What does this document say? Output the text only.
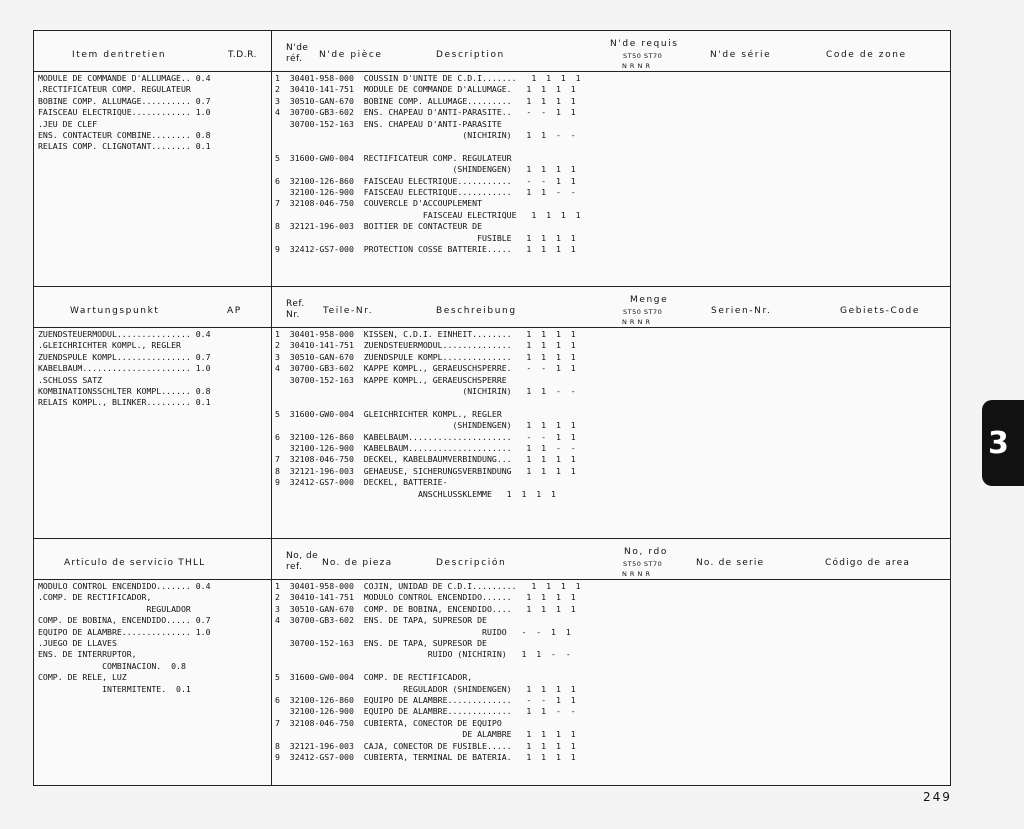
Item dentretien	T.D.R.
N'de
réf.	N'de pièce	Description
N'de requis
ST50 ST70
N R N R
N'de série	Code de zone
MODULE DE COMMANDE D'ALLUMAGE.. 0.4
.RECTIFICATEUR COMP. REGULATEUR
BOBINE COMP. ALLUMAGE.......... 0.7
FAISCEAU ELECTRIQUE............ 1.0
.JEU DE CLEF
ENS. CONTACTEUR COMBINE........ 0.8
RELAIS COMP. CLIGNOTANT........ 0.1
1  30401-958-000  COUSSIN D'UNITE DE C.D.I.......   1  1  1  1
2  30410-141-751  MODULE DE COMMANDE D'ALLUMAGE.   1  1  1  1
3  30510-GAN-670  BOBINE COMP. ALLUMAGE.........   1  1  1  1
4  30700-GB3-602  ENS. CHAPEAU D'ANTI-PARASITE..   -  -  1  1
30700-152-163  ENS. CHAPEAU D'ANTI-PARASITE
(NICHIRIN)   1  1  -  -

5  31600-GW0-004  RECTIFICATEUR COMP. REGULATEUR
(SHINDENGEN)   1  1  1  1
6  32100-126-860  FAISCEAU ELECTRIQUE...........   -  -  1  1
32100-126-900  FAISCEAU ELECTRIQUE...........   1  1  -  -
7  32108-046-750  COUVERCLE D'ACCOUPLEMENT
FAISCEAU ELECTRIQUE   1  1  1  1
8  32121-196-003  BOITIER DE CONTACTEUR DE
FUSIBLE   1  1  1  1
9  32412-GS7-000  PROTECTION COSSE BATTERIE.....   1  1  1  1
Wartungspunkt	AP
Ref.
Nr.	Teile-Nr.	Beschreibung
Menge
ST50 ST70
N R N R
Serien-Nr.	Gebiets-Code
ZUENDSTEUERMODUL............... 0.4
.GLEICHRICHTER KOMPL., REGLER
ZUENDSPULE KOMPL............... 0.7
KABELBAUM...................... 1.0
.SCHLOSS SATZ
KOMBINATIONSSCHLTER KOMPL...... 0.8
RELAIS KOMPL., BLINKER......... 0.1
1  30401-958-000  KISSEN, C.D.I. EINHEIT........   1  1  1  1
2  30410-141-751  ZUENDSTEUERMODUL..............   1  1  1  1
3  30510-GAN-670  ZUENDSPULE KOMPL..............   1  1  1  1
4  30700-GB3-602  KAPPE KOMPL., GERAEUSCHSPERRE.   -  -  1  1
30700-152-163  KAPPE KOMPL., GERAEUSCHSPERRE
(NICHIRIN)   1  1  -  -

5  31600-GW0-004  GLEICHRICHTER KOMPL., REGLER
(SHINDENGEN)   1  1  1  1
6  32100-126-860  KABELBAUM.....................   -  -  1  1
32100-126-900  KABELBAUM.....................   1  1  -  -
7  32108-046-750  DECKEL, KABELBAUMVERBINDUNG...   1  1  1  1
8  32121-196-003  GEHAEUSE, SICHERUNGSVERBINDUNG   1  1  1  1
9  32412-GS7-000  DECKEL, BATTERIE-
ANSCHLUSSKLEMME   1  1  1  1
Articulo de servicio THLL
No, de
ref.	No. de pieza	Descripción
No, rdo
ST50 ST70
N R N R
No. de serie	Código de area
MODULO CONTROL ENCENDIDO....... 0.4
.COMP. DE RECTIFICADOR,
REGULADOR
COMP. DE BOBINA, ENCENDIDO..... 0.7
EQUIPO DE ALAMBRE.............. 1.0
.JUEGO DE LLAVES
ENS. DE INTERRUPTOR,
COMBINACION.  0.8
COMP. DE RELE, LUZ
INTERMITENTE.  0.1
1  30401-958-000  COJIN, UNIDAD DE C.D.I.........   1  1  1  1
2  30410-141-751  MODULO CONTROL ENCENDIDO......   1  1  1  1
3  30510-GAN-670  COMP. DE BOBINA, ENCENDIDO....   1  1  1  1
4  30700-GB3-602  ENS. DE TAPA, SUPRESOR DE
RUIDO   -  -  1  1
30700-152-163  ENS. DE TAPA, SUPRESOR DE
RUIDO (NICHIRIN)   1  1  -  -

5  31600-GW0-004  COMP. DE RECTIFICADOR,
REGULADOR (SHINDENGEN)   1  1  1  1
6  32100-126-860  EQUIPO DE ALAMBRE.............   -  -  1  1
32100-126-900  EQUIPO DE ALAMBRE.............   1  1  -  -
7  32108-046-750  CUBIERTA, CONECTOR DE EQUIPO
DE ALAMBRE   1  1  1  1
8  32121-196-003  CAJA, CONECTOR DE FUSIBLE.....   1  1  1  1
9  32412-GS7-000  CUBIERTA, TERMINAL DE BATERIA.   1  1  1  1
3
249
